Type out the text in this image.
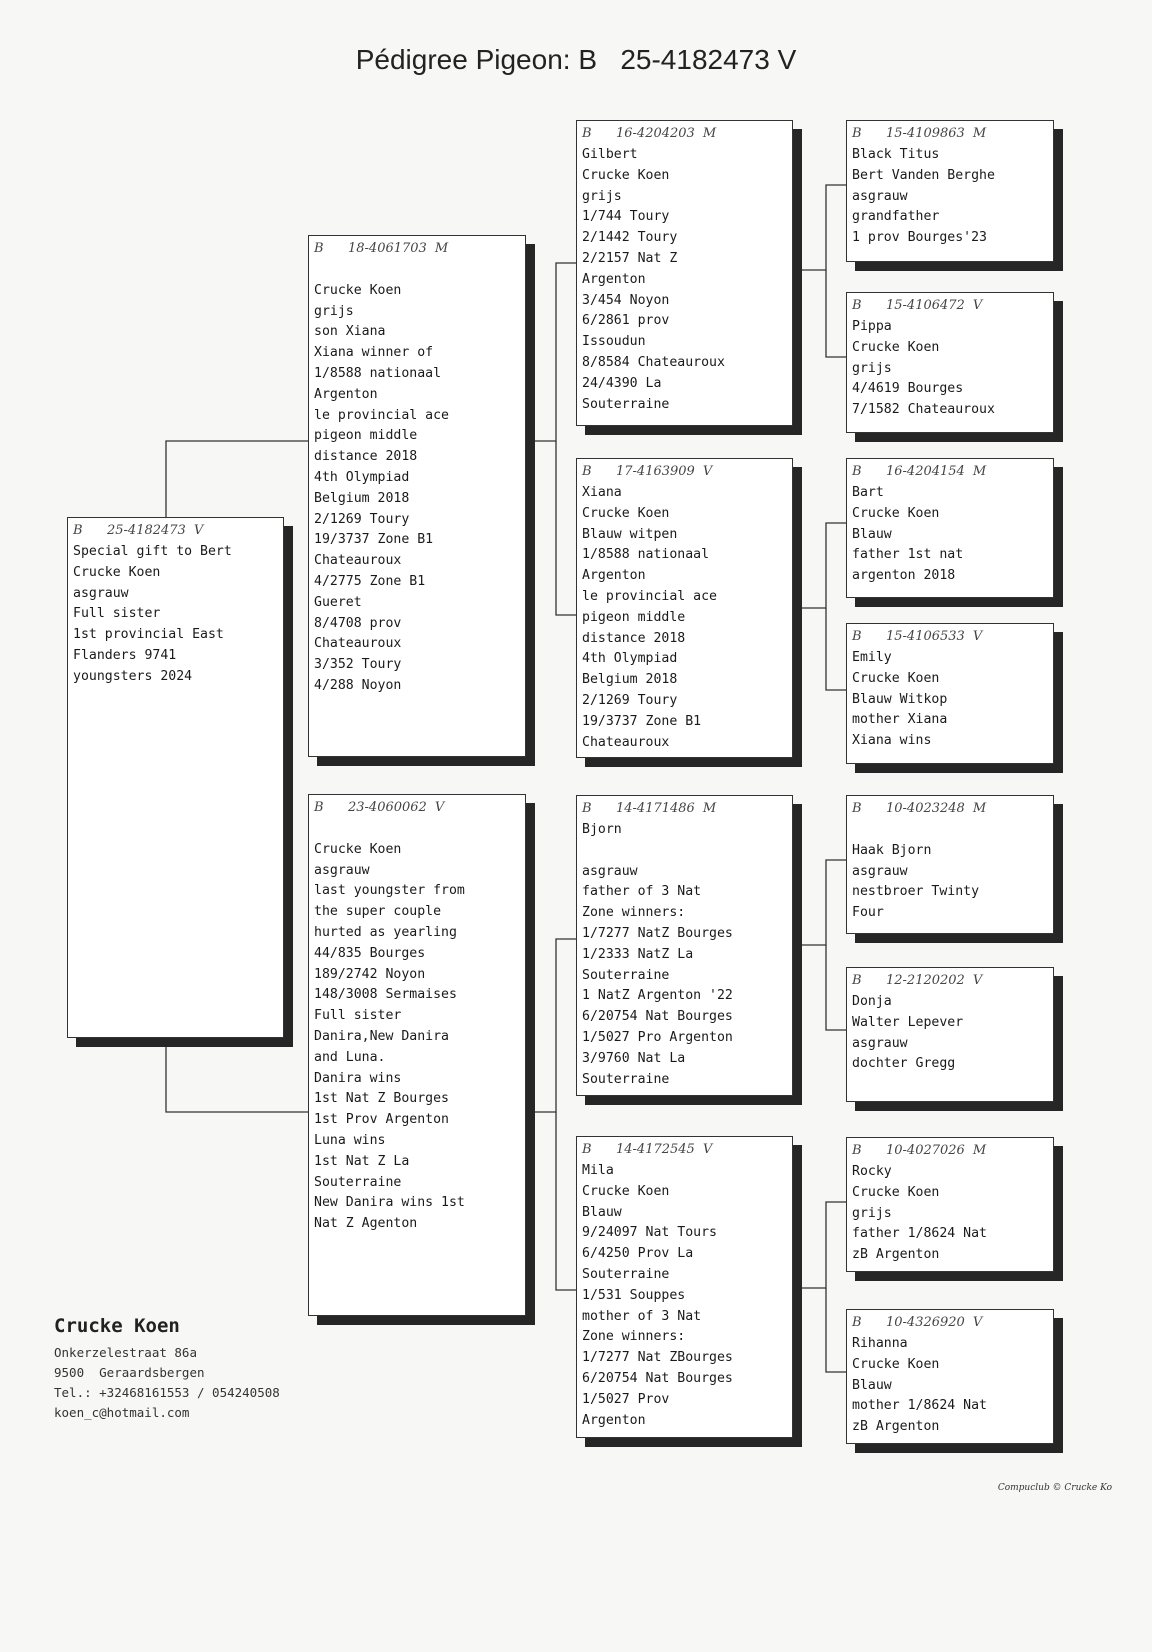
Pédigree Pigeon: B   25-4182473 V
B	25-4182473 V
Special gift to Bert
Crucke Koen
asgrauw
Full sister
1st provincial East
Flanders 9741
youngsters 2024
B	18-4061703 M
Crucke Koen
grijs
son Xiana
Xiana winner of
1/8588 nationaal
Argenton
le provincial ace
pigeon middle
distance 2018
4th Olympiad
Belgium 2018
2/1269 Toury
19/3737 Zone B1
Chateauroux
4/2775 Zone B1
Gueret
8/4708 prov
Chateauroux
3/352 Toury
4/288 Noyon
B	23-4060062 V
Crucke Koen
asgrauw
last youngster from
the super couple
hurted as yearling
44/835 Bourges
189/2742 Noyon
148/3008 Sermaises
Full sister
Danira,New Danira
and Luna.
Danira wins
1st Nat Z Bourges
1st Prov Argenton
Luna wins
1st Nat Z La
Souterraine
New Danira wins 1st
Nat Z Agenton
B	16-4204203 M
Gilbert
Crucke Koen
grijs
1/744 Toury
2/1442 Toury
2/2157 Nat Z
Argenton
3/454 Noyon
6/2861 prov
Issoudun
8/8584 Chateauroux
24/4390 La
Souterraine
B	17-4163909 V
Xiana
Crucke Koen
Blauw witpen
1/8588 nationaal
Argenton
le provincial ace
pigeon middle
distance 2018
4th Olympiad
Belgium 2018
2/1269 Toury
19/3737 Zone B1
Chateauroux
B	14-4171486 M
Bjorn
asgrauw
father of 3 Nat
Zone winners:
1/7277 NatZ Bourges
1/2333 NatZ La
Souterraine
1 NatZ Argenton '22
6/20754 Nat Bourges
1/5027 Pro Argenton
3/9760 Nat La
Souterraine
B	14-4172545 V
Mila
Crucke Koen
Blauw
9/24097 Nat Tours
6/4250 Prov La
Souterraine
1/531 Souppes
mother of 3 Nat
Zone winners:
1/7277 Nat ZBourges
6/20754 Nat Bourges
1/5027 Prov
Argenton
B	15-4109863 M
Black Titus
Bert Vanden Berghe
asgrauw
grandfather
1 prov Bourges'23
B	15-4106472 V
Pippa
Crucke Koen
grijs
4/4619 Bourges
7/1582 Chateauroux
B	16-4204154 M
Bart
Crucke Koen
Blauw
father 1st nat
argenton 2018
B	15-4106533 V
Emily
Crucke Koen
Blauw Witkop
mother Xiana
Xiana wins
B	10-4023248 M
Haak Bjorn
asgrauw
nestbroer Twinty
Four
B	12-2120202 V
Donja
Walter Lepever
asgrauw
dochter Gregg
B	10-4027026 M
Rocky
Crucke Koen
grijs
father 1/8624 Nat
zB Argenton
B	10-4326920 V
Rihanna
Crucke Koen
Blauw
mother 1/8624 Nat
zB Argenton
Crucke Koen
Onkerzelestraat 86a
9500  Geraardsbergen
Tel.: +32468161553 / 054240508
koen_c@hotmail.com
Compuclub © Crucke Ko
